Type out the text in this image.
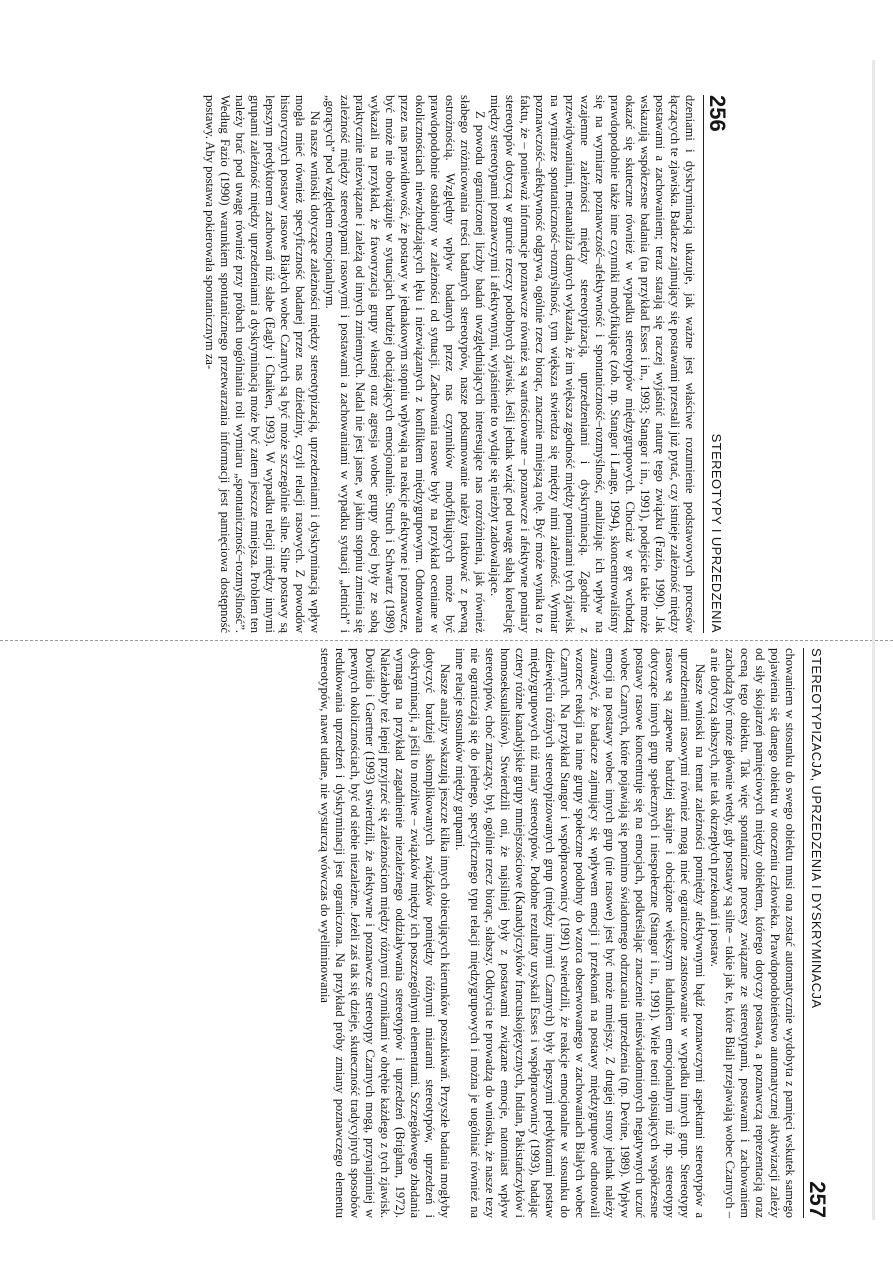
256
STEREOTYPY I UPRZEDZENIA

dzeniami i dyskryminacją ukazuje, jak ważne jest właściwe rozumienie podstawowych procesów łączących te zjawiska. Badacze zajmujący się postawami przestali już pytać, czy istnieje zależność między postawami a zachowaniem; teraz starają się raczej wyjaśnić naturę tego związku (Fazio, 1990). Jak wskazują współczesne badania (na przykład Esses i in., 1993; Stangor i in., 1991), podejście takie może okazać się skuteczne również w wypadku stereotypów międzygrupowych. Chociaż w grę wchodzą prawdopodobnie także inne czynniki modyfikujące (zob. np. Stangor i Lange, 1994), skoncentrowaliśmy się na wymiarze poznawczość–afektywność i spontaniczność–rozmyślność, analizując ich wpływ na wzajemne zależności między stereotypizacją, uprzedzeniami i dyskryminacją. Zgodnie z przewidywaniami, metaanaliza danych wykazała, że im większa zgodność między pomiarami tych zjawisk na wymiarze spontaniczność–rozmyślność, tym większa stwierdza się między nimi zależność. Wymiar poznawczość–afektywność odgrywa, ogólnie rzecz biorąc, znacznie mniejszą rolę. Być może wynika to z faktu, że – ponieważ informacje poznawcze również są wartościowane – poznawcze i afektywne pomiary stereotypów dotyczą w gruncie rzeczy podobnych zjawisk. Jeśli jednak wziąć pod uwagę słabą korelację między stereotypami poznawczymi i afektywnymi, wyjaśnienie to wydaje się niezbyt zadowalające.

Z powodu ograniczonej liczby badań uwzględniających interesujące nas rozróżnienia, jak również słabego zróżnicowania treści badanych stereotypów, nasze podsumowanie należy traktować z pewną ostrożnością. Względny wpływ badanych przez nas czynników modyfikujących może być prawdopodobnie ostabiony w zależności od sytuacji. Zachowania rasowe były na przykład oceniane w okolicznościach niewzbudzających lęku i niezwiązanych z konfliktem międzygrupowym. Odnotowana przez nas prawidłowość, że postawy w jednakowym stopniu wpływają na reakcje afektywne i poznawcze, być może nie obowiązuje w sytuacjach bardziej obciążających emocjonalnie. Struch i Schwartz (1989) wykazali na przykład, że faworyzacja grupy własnej oraz agresja wobec grupy obcej były ze sobą praktycznie niezwiązane i zależą od innych zmiennych. Nadal nie jest jasne, w jakim stopniu zmienia się zależność między stereotypami rasowymi i postawami a zachowaniami w wypadku sytuacji „letnich” i „gorących” pod względem emocjonalnym.

Na nasze wnioski dotyczące zależności między stereotypizacją, uprzedzeniami i dyskryminacją wpływ mogła mieć również specyficzność badanej przez nas dziedziny, czyli relacji rasowych. Z powodów historycznych postawy rasowe Białych wobec Czarnych są być może szczególnie silne. Silne postawy są lepszym predyktorem zachowań niż słabe (Eagly i Chaiken, 1993). W wypadku relacji między innymi grupami zależność między uprzedzeniami a dyskryminacją może być zatem jeszcze mniejsza. Problem ten należy brać pod uwagę również przy próbach uogólniania roli wymiaru „spontaniczność–rozmyślność”. Według Fazio (1990) warunkiem spontanicznego przetwarzania informacji jest pamięciowa dostępność postawy. Aby postawa pokierowała spontanicznym za-

STEREOTYPIZACJA, UPRZEDZENIA I DYSKRYMINACJA
257

chowaniem w stosunku do swego obiektu musi ona zostać automatycznie wydobyta z pamięci wskutek samego pojawienia się danego obiektu w otoczeniu człowieka. Prawdopodobieństwo automatycznej aktywizacji zależy od siły skojarzeń pamięciowych między obiektem, którego dotyczy postawa, a poznawczą reprezentacją oraz oceną tego obiektu. Tak więc spontaniczne procesy związane ze stereotypami, postawami i zachowaniem zachodzą być może głównie wtedy, gdy postawy są silne – takie jak te, które Biali przejawiają wobec Czarnych – a nie dotyczą słabszych, nie tak okrzepłych przekonań i postaw.

Nasze wnioski na temat zależności pomiędzy afektywnymi bądź poznawczymi aspektami stereotypów a uprzedzeniami rasowymi również mogą mieć ograniczone zastosowanie w wypadku innych grup. Stereotypy rasowe są zapewne bardziej skrajne i obciążone większym ładunkiem emocjonalnym niż np. stereotypy dotyczące innych grup społecznych i niespołeczne (Stangor i in., 1991). Wiele teorii opisujących współczesne postawy rasowe koncentruje się na emocjach, podkreślając znaczenie nieuświadomionych negatywnych uczuć wobec Czarnych, które pojawiają się pomimo świadomego odrzucania uprzedzenia (np. Devine, 1989). Wpływ emocji na postawy wobec innych grup (nie rasowe) jest być może mniejszy. Z drugiej strony jednak należy zauważyć, że badacze zajmujący się wpływem emocji i przekonań na postawy międzygrupowe odnotowali wzorzec reakcji na inne grupy społeczne podobny do wzorca obserwowanego w zachowaniach Białych wobec Czarnych. Na przykład Stangor i współpracownicy (1991) stwierdzili, że reakcje emocjonalne w stosunku do dziewięciu różnych stereotypizowanych grup (między innymi Czarnych) były lepszymi predyktorami postaw międzygrupowych niż miary stereotypów. Podobne rezultaty uzyskali Esses i współpracownicy (1993), badając cztery różne kanadyjskie grupy mniejszościowe (Kanadyjczyków francuskojęzycznych, Indian, Pakistańczyków i homoseksualistów). Stwierdzili oni, że najsilniej były z postawami związane emocje, natomiast wpływ stereotypów, choć znaczący, był, ogólnie rzecz biorąc, słabszy. Odkrycia te prowadzą do wniosku, że nasze tezy nie ograniczają się do jednego, specyficznego typu relacji międzygrupowych i można je uogólniać również na inne relacje stosunków między grupami.

Nasze analizy wskazują jeszcze kilka innych obiecujących kierunków poszukiwań. Przyszłe badania mogłyby dotyczyć bardziej skomplikowanych związków pomiędzy różnymi miarami stereotypów, uprzedzeń i dyskryminacji, a jeśli to możliwe – związków między ich poszczególnymi elementami. Szczegółowego zbadania wymaga na przykład zagadnienie niezależnego oddziaływania stereotypów i uprzedzeń (Brigham, 1972). Należałoby też lepiej przyjrzeć się zależnościom między różnymi czynnikami w obrębie każdego z tych zjawisk. Dovidio i Gaertner (1993) stwierdzili, że afektywne i poznawcze stereotypy Czarnych mogą, przynajmniej w pewnych okolicznościach, być od siebie niezależne. Jeżeli zaś tak się dzieje, skuteczność tradycyjnych sposobów redukowania uprzedzeń i dyskryminacji jest ograniczona. Na przykład próby zmiany poznawczego elementu stereotypów, nawet udane, nie wystarczą wówczas do wyeliminowania
